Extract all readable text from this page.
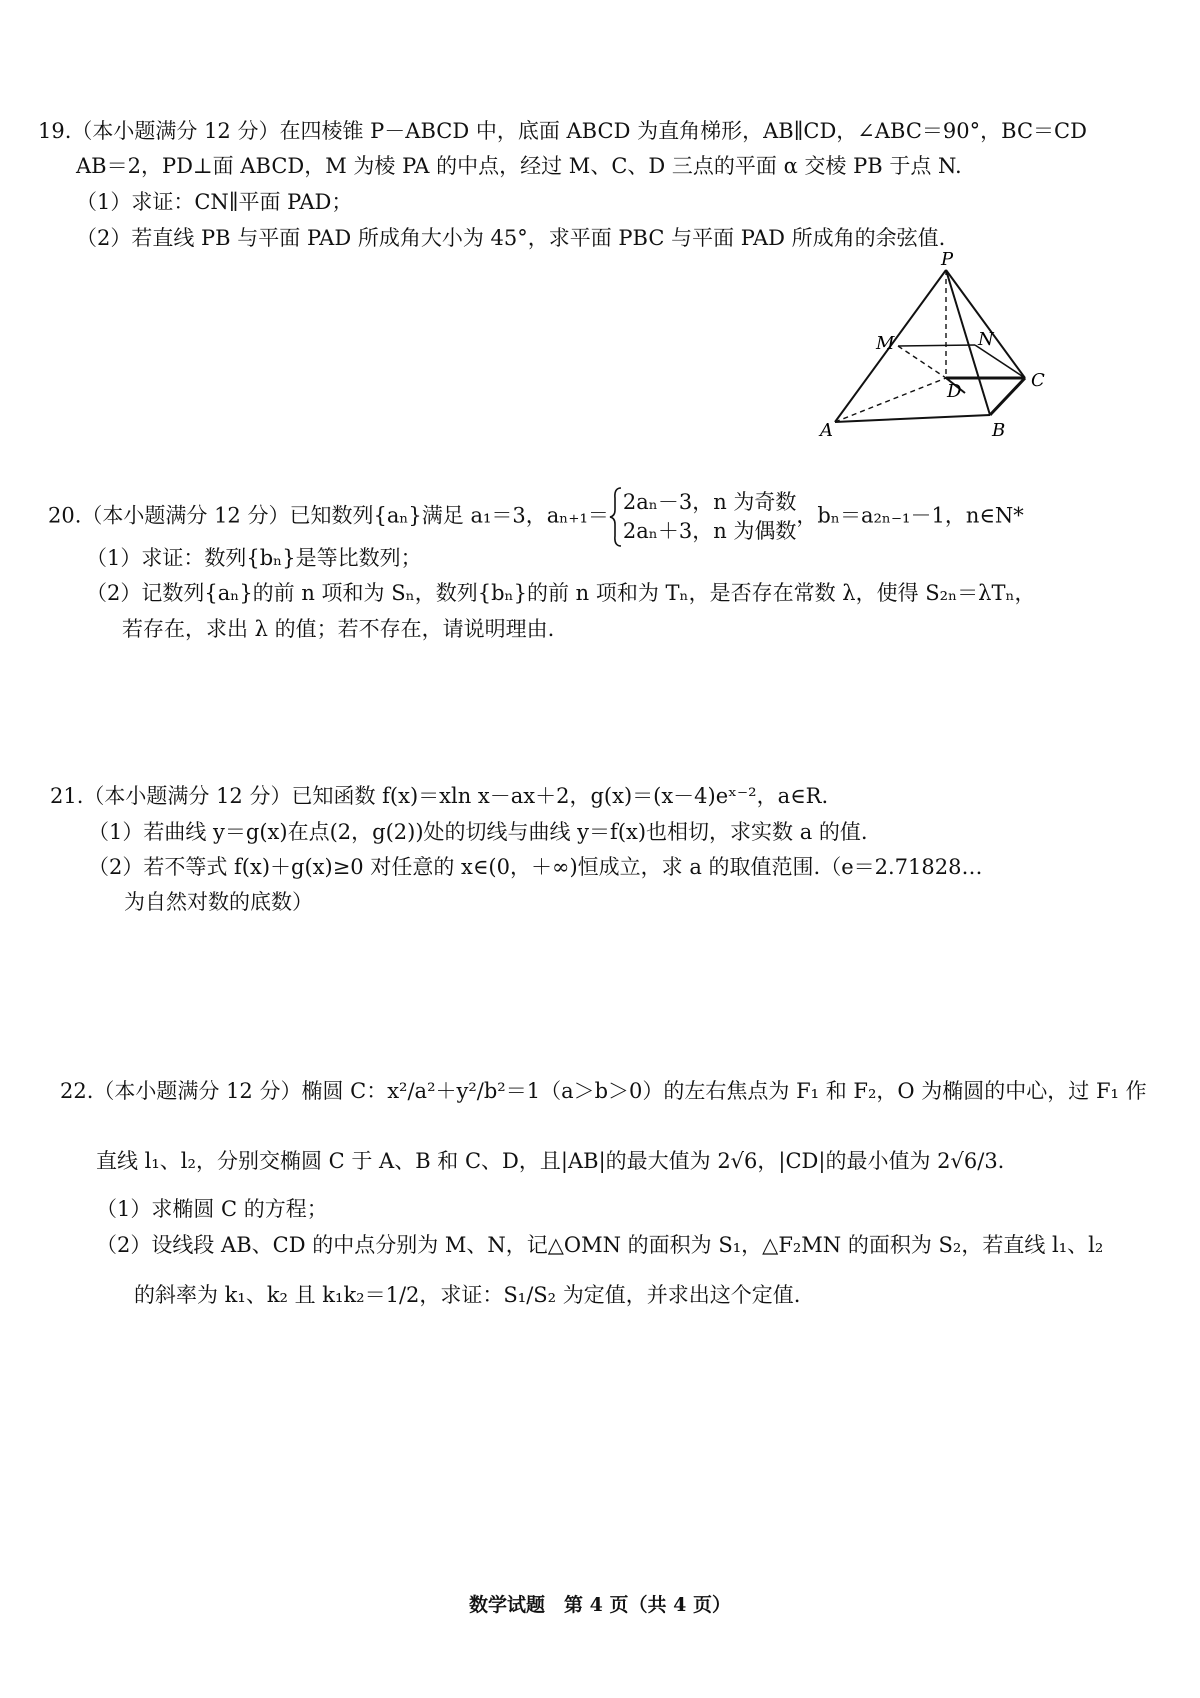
19.（本小题满分 12 分）在四棱锥 P－ABCD 中，底面 ABCD 为直角梯形，AB∥CD，∠ABC＝90°，BC＝CD
AB＝2，PD⊥面 ABCD，M 为棱 PA 的中点，经过 M、C、D 三点的平面 α 交棱 PB 于点 N.
（1）求证：CN∥平面 PAD；
（2）若直线 PB 与平面 PAD 所成角大小为 45°，求平面 PBC 与平面 PAD 所成角的余弦值.
P
M	N
D
C
A	B
20.（本小题满分 12 分）已知数列{aₙ}满足 a₁＝3，aₙ₊₁＝
2aₙ－3，n 为奇数
2aₙ＋3，n 为偶数
，bₙ＝a₂ₙ₋₁－1，n∈N*
（1）求证：数列{bₙ}是等比数列；
（2）记数列{aₙ}的前 n 项和为 Sₙ，数列{bₙ}的前 n 项和为 Tₙ，是否存在常数 λ，使得 S₂ₙ＝λTₙ，
若存在，求出 λ 的值；若不存在，请说明理由.
21.（本小题满分 12 分）已知函数 f(x)＝xln x－ax＋2，g(x)＝(x－4)eˣ⁻²，a∈R.
（1）若曲线 y＝g(x)在点(2，g(2))处的切线与曲线 y＝f(x)也相切，求实数 a 的值.
（2）若不等式 f(x)＋g(x)≥0 对任意的 x∈(0，＋∞)恒成立，求 a 的取值范围.（e＝2.71828…
为自然对数的底数）
22.（本小题满分 12 分）椭圆 C：x²/a²＋y²/b²＝1（a＞b＞0）的左右焦点为 F₁ 和 F₂，O 为椭圆的中心，过 F₁ 作
直线 l₁、l₂，分别交椭圆 C 于 A、B 和 C、D，且|AB|的最大值为 2√6，|CD|的最小值为 2√6/3.
（1）求椭圆 C 的方程；
（2）设线段 AB、CD 的中点分别为 M、N，记△OMN 的面积为 S₁，△F₂MN 的面积为 S₂，若直线 l₁、l₂
的斜率为 k₁、k₂ 且 k₁k₂＝1/2，求证：S₁/S₂ 为定值，并求出这个定值.
数学试题　第 4 页（共 4 页）
